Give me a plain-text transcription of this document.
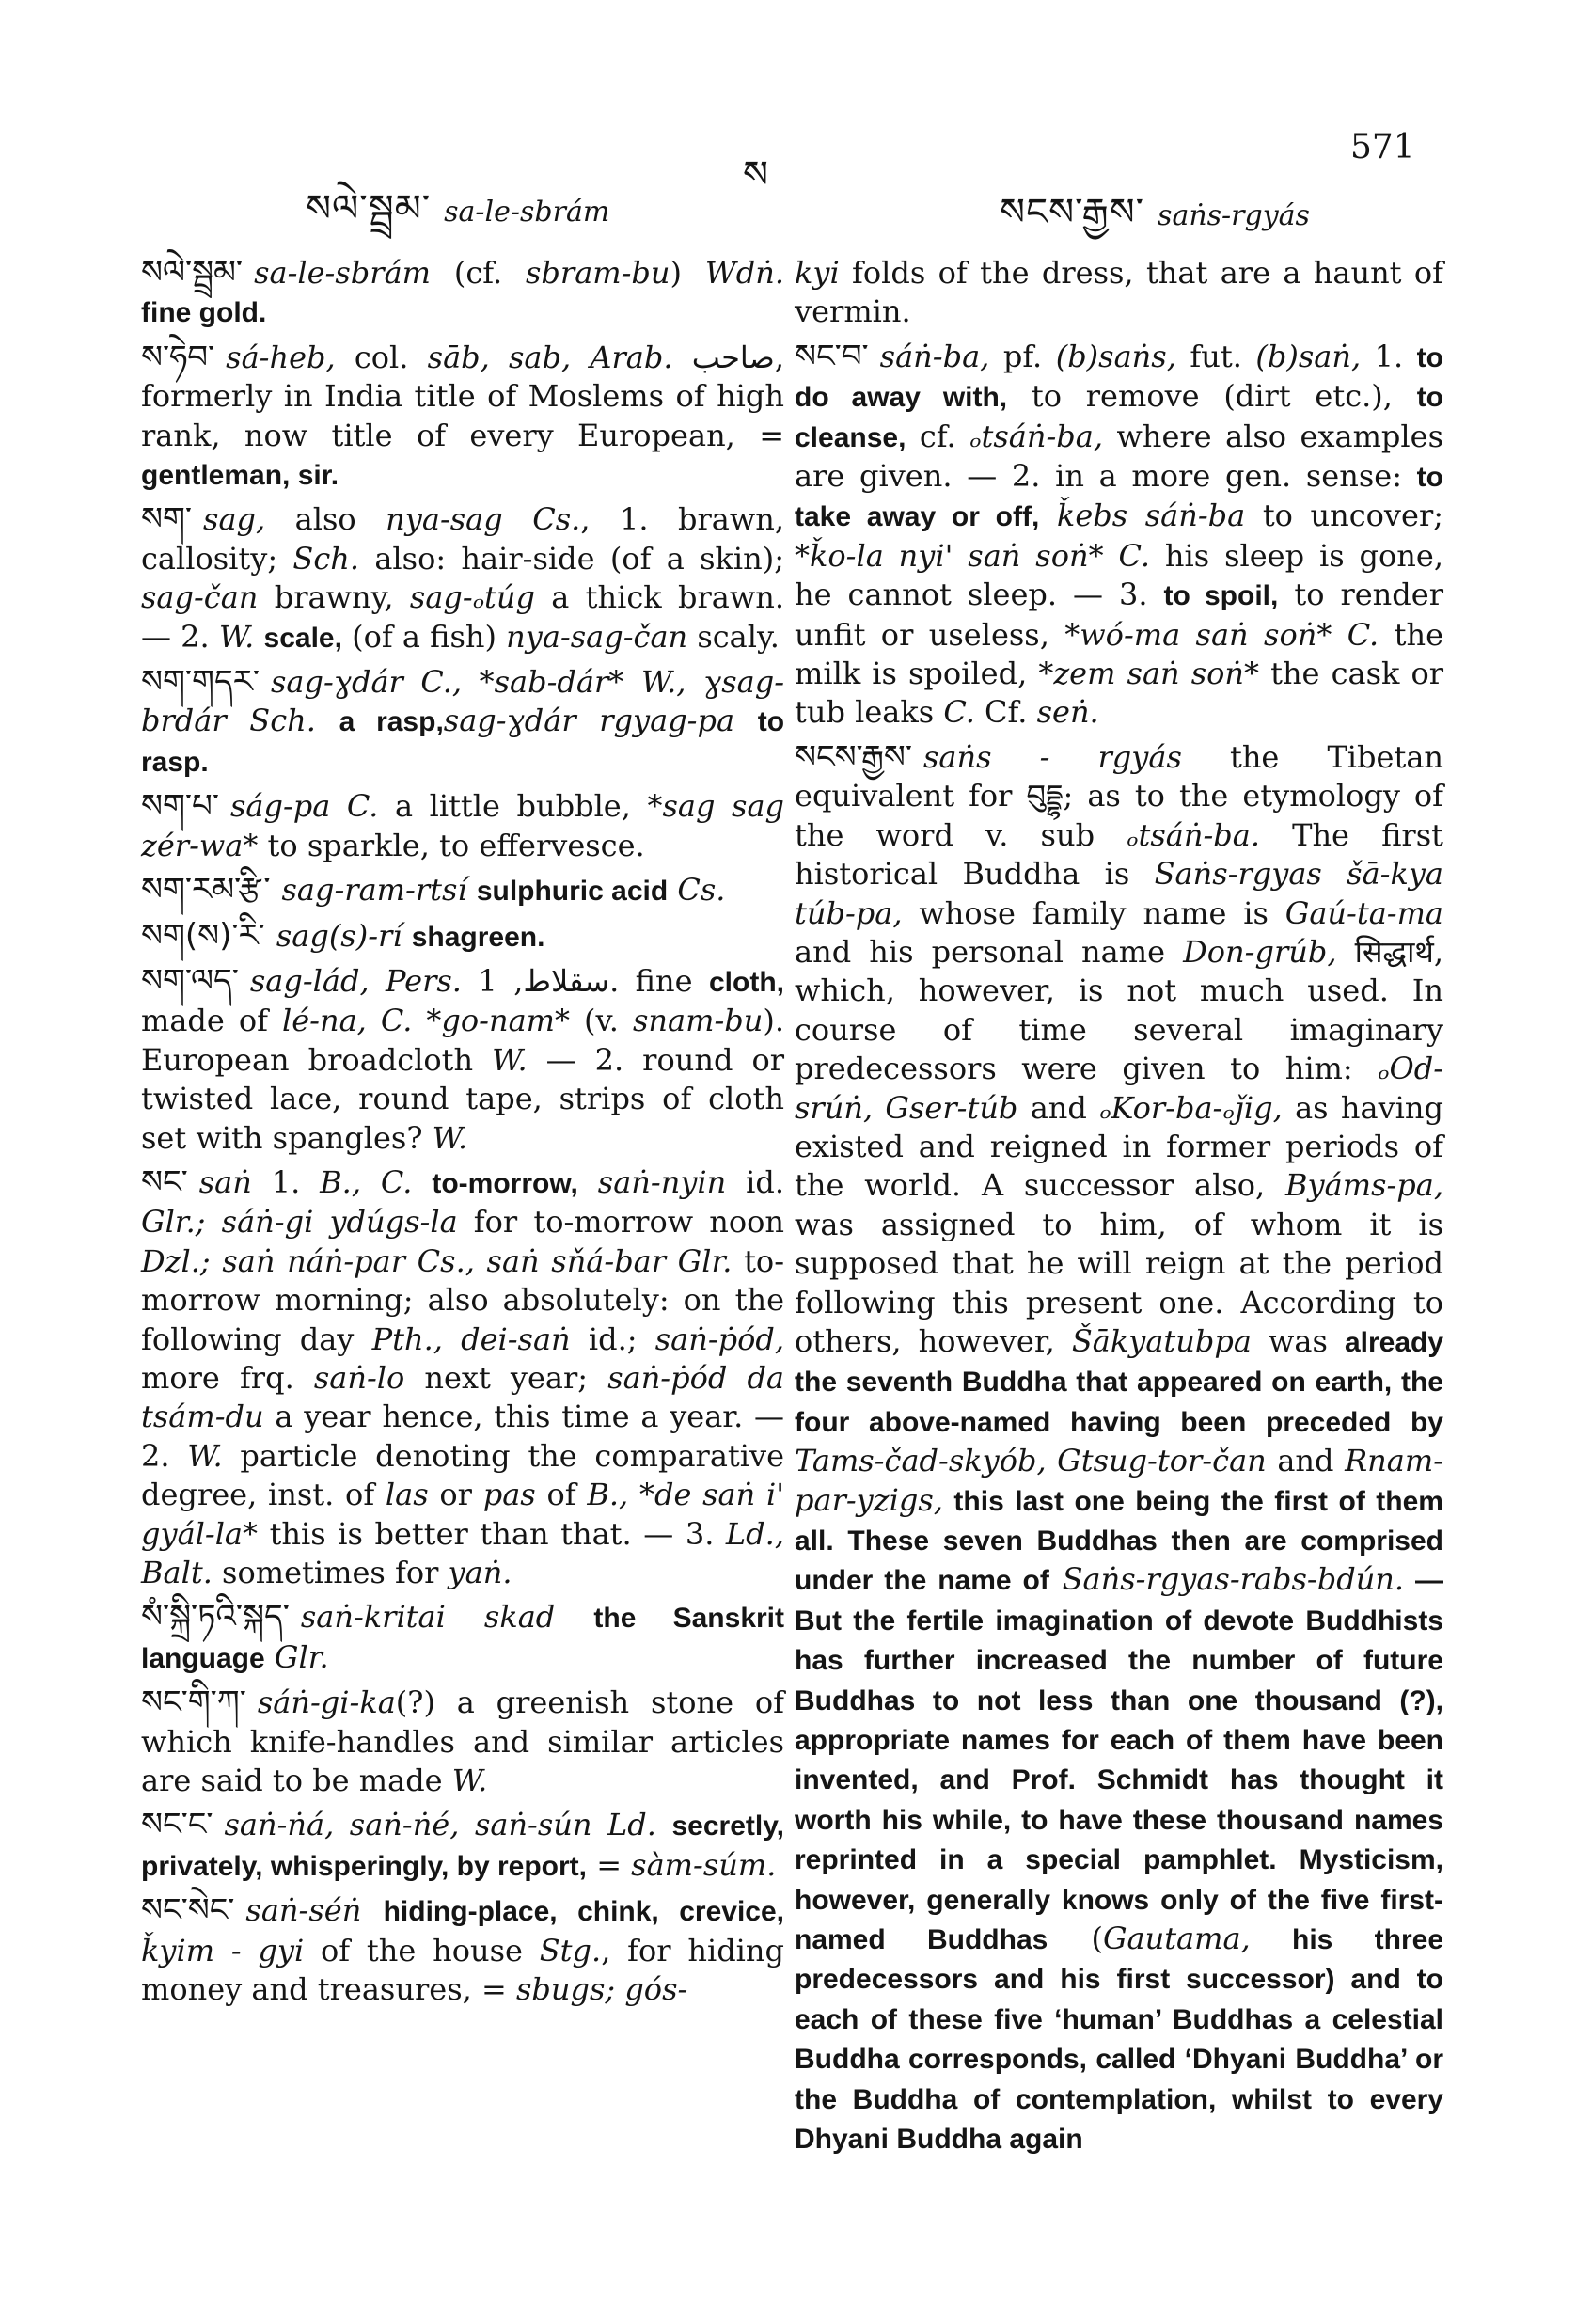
སལེ་སྦྲམ་ sa-le-sbrám
ས
སངས་རྒྱས་ saṅs-rgyás
571

སལེ་སྦྲམ་ sa-le-sbrám (cf. sbram-bu) Wdṅ. fine gold.

ས་ཧེབ་ sá-heb, col. sāb, sab, Arab. صاحب, formerly in India title of Moslems of high rank, now title of every European, = gentleman, sir.

སག་ sag, also nya-sag Cs., 1. brawn, callosity; Sch. also: hair-side (of a skin); sag-čan brawny, sag-ₒtúg a thick brawn. — 2. W. scale, (of a fish) nya-sag-čan scaly.

སག་གདར་ sag-ɣdár C., *sab-dár* W., ɣsag-brdár Sch. a rasp,sag-ɣdár rgyag-pa to rasp.

སག་པ་ ság-pa C. a little bubble, *sag sag zér-wa* to sparkle, to effervesce.

སག་རམ་རྩི་ sag-ram-rtsí sulphuric acid Cs.

སག(ས)་རི་ sag(s)-rí shagreen.

སག་ལད་ sag-lád, Pers. سقلاط, 1. fine cloth, made of lé-na, C. *go-nam* (v. snam-bu). European broadcloth W. — 2. round or twisted lace, round tape, strips of cloth set with spangles? W.

སང་ saṅ 1. B., C. to-morrow, saṅ-nyin id. Glr.; sáṅ-gi ydúgs-la for to-morrow noon Dzl.; saṅ náṅ-par Cs., saṅ sňá-bar Glr. to-morrow morning; also absolutely: on the following day Pth., dei-saṅ id.; saṅ-ṗód, more frq. saṅ-lo next year; saṅ-ṗód da tsám-du a year hence, this time a year. — 2. W. particle denoting the comparative degree, inst. of las or pas of B., *de saṅ i' gyál-la* this is better than that. — 3. Ld., Balt. sometimes for yaṅ.

སཾ་སྐྲི་ཏའི་སྐད་ saṅ-kritai skad the Sanskrit language Glr.

སང་གི་ཀ་ sáṅ-gi-ka(?) a greenish stone of which knife-handles and similar articles are said to be made W.

སང་ང་ saṅ-ṅá, saṅ-ṅé, saṅ-sún Ld. secretly, privately, whisperingly, by report, = sàm-súm.

སང་སེང་ saṅ-séṅ hiding-place, chink, crevice, ǩyim - gyi of the house Stg., for hiding money and treasures, = sbugs; gós-

kyi folds of the dress, that are a haunt of vermin.

སང་བ་ sáṅ-ba, pf. (b)saṅs, fut. (b)saṅ, 1. to do away with, to remove (dirt etc.), to cleanse, cf. ₒtsáṅ-ba, where also examples are given. — 2. in a more gen. sense: to take away or off, ǩebs sáṅ-ba to uncover; *ǩo-la nyi' saṅ soṅ* C. his sleep is gone, he cannot sleep. — 3. to spoil, to render unfit or useless, *wó-ma saṅ soṅ* C. the milk is spoiled, *zem saṅ soṅ* the cask or tub leaks C. Cf. seṅ.

སངས་རྒྱས་ saṅs - rgyás the Tibetan equivalent for བུདྡྷ; as to the etymology of the word v. sub ₒtsáṅ-ba. The first historical Buddha is Saṅs-rgyas šā-kya túb-pa, whose family name is Gaú-ta-ma and his personal name Don-grúb, सिद्धार्थ, which, however, is not much used. In course of time several imaginary predecessors were given to him: ₒOd-srúṅ, Gser-túb and ₒKor-ba-ₒǰig, as having existed and reigned in former periods of the world. A successor also, Byáms-pa, was assigned to him, of whom it is supposed that he will reign at the period following this present one. According to others, however, Šākyatubpa was already the seventh Buddha that appeared on earth, the four above-named having been preceded by Tams-čad-skyób, Gtsug-tor-čan and Rnam-par-yzigs, this last one being the first of them all. These seven Buddhas then are comprised under the name of Saṅs-rgyas-rabs-bdún. — But the fertile imagination of devote Buddhists has further increased the number of future Buddhas to not less than one thousand (?), appropriate names for each of them have been invented, and Prof. Schmidt has thought it worth his while, to have these thousand names reprinted in a special pamphlet. Mysticism, however, generally knows only of the five first-named Buddhas (Gautama, his three predecessors and his first successor) and to each of these five ‘human’ Buddhas a celestial Buddha corresponds, called ‘Dhyani Buddha’ or the Buddha of contemplation, whilst to every Dhyani Buddha again
